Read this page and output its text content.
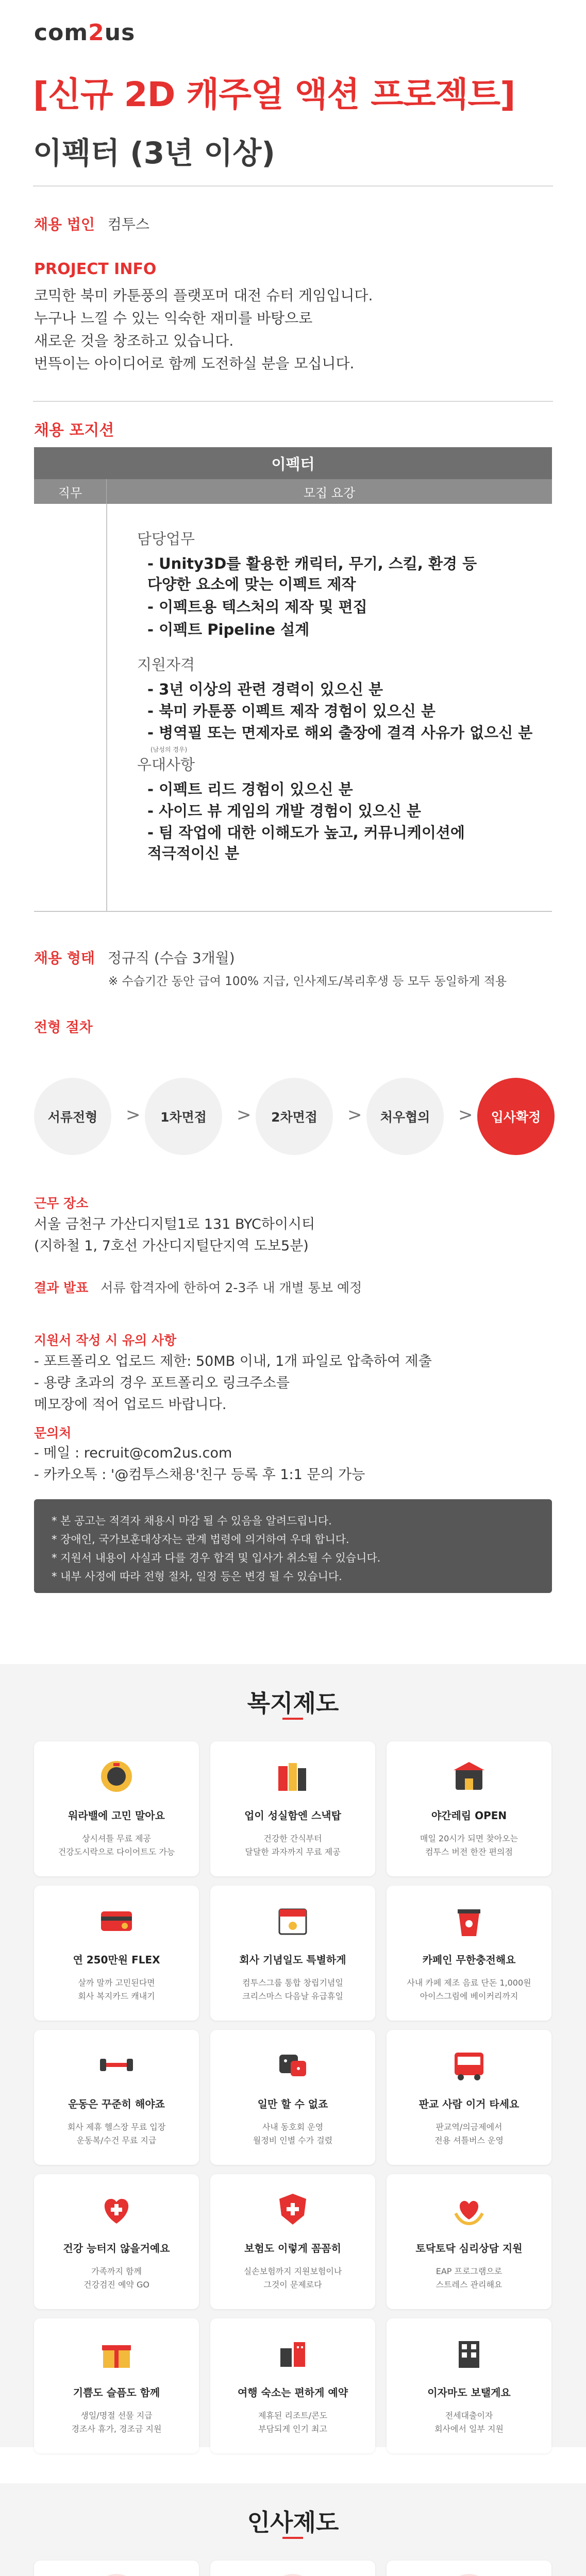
com2us
[신규 2D 캐주얼 액션 프로젝트]
이펙터 (3년 이상)
채용 법인 컴투스
PROJECT INFO
코믹한 북미 카툰풍의 플랫포머 대전 슈터 게임입니다.
누구나 느낄 수 있는 익숙한 재미를 바탕으로
새로운 것을 창조하고 있습니다.
번뜩이는 아이디어로 함께 도전하실 분을 모십니다.
채용 포지션
이펙터
직무	모집 요강
담당업무
- Unity3D를 활용한 캐릭터, 무기, 스킬, 환경 등
다양한 요소에 맞는 이펙트 제작
- 이펙트용 텍스처의 제작 및 편집
- 이펙트 Pipeline 설계
지원자격
- 3년 이상의 관련 경력이 있으신 분
- 북미 카툰풍 이펙트 제작 경험이 있으신 분
- 병역필 또는 면제자로 해외 출장에 결격 사유가 없으신 분
(남성의 경우)
우대사항
- 이펙트 리드 경험이 있으신 분
- 사이드 뷰 게임의 개발 경험이 있으신 분
- 팀 작업에 대한 이해도가 높고, 커뮤니케이션에
적극적이신 분
채용 형태 정규직 (수습 3개월)
※ 수습기간 동안 급여 100% 지급, 인사제도/복리후생 등 모두 동일하게 적용
전형 절차
서류전형	>	1차면접	>	2차면접	>	처우협의	>	입사확정
근무 장소
서울 금천구 가산디지털1로 131 BYC하이시티
(지하철 1, 7호선 가산디지털단지역 도보5분)
결과 발표 서류 합격자에 한하여 2-3주 내 개별 통보 예정
지원서 작성 시 유의 사항
- 포트폴리오 업로드 제한: 50MB 이내, 1개 파일로 압축하여 제출
- 용량 초과의 경우 포트폴리오 링크주소를
메모장에 적어 업로드 바랍니다.
문의처
- 메일 : recruit@com2us.com
- 카카오톡 : '@컴투스채용'친구 등록 후 1:1 문의 가능
* 본 공고는 적격자 채용시 마감 될 수 있음을 알려드립니다.
* 장애인, 국가보훈대상자는 관계 법령에 의거하여 우대 합니다.
* 지원서 내용이 사실과 다를 경우 합격 및 입사가 취소될 수 있습니다.
* 내부 사정에 따라 전형 절차, 일정 등은 변경 될 수 있습니다.
복지제도
워라밸에 고민 말아요
상시셔틀 무료 제공
건강도시락으로 다이어트도 가능
업이 성실함엔 스낵탑
건강한 간식부터
달달한 과자까지 무료 제공
야간레림 OPEN
매일 20시가 되면 찾아오는
컴투스 버전 한잔 편의점
연 250만원 FLEX
살까 말까 고민된다면
회사 복지카드 캐내기
회사 기념일도 특별하게
컴투스그룹 통합 창립기념일
크리스마스 다음날 유급휴일
카페인 무한충전해요
사내 카페 제조 음료 단돈 1,000원
아이스그림에 베이커리까지
운동은 꾸준히 해야죠
회사 제휴 헬스장 무료 입장
운동복/수건 무료 지급
일만 할 수 없죠
사내 동호회 운영
월정비 인별 수가 걸렸
판교 사람 이거 타세요
판교역/의금제에서
전용 셔틀버스 운영
건강 능터지 않을거예요
가족까지 함께
건강검진 예약 GO
보험도 이렇게 꼼꼼히
실손보험까지 지원보험이나
그것이 문제로다
토닥토닥 심리상담 지원
EAP 프로그램으로
스트레스 관리해요
기쁨도 슬픔도 함께
생일/명절 선물 지급
경조사 휴가, 경조금 지원
여행 숙소는 편하게 예약
제휴된 리조트/콘도
부담되게 인기 최고
이자마도 보탤게요
전세대출이자
회사에서 일부 지원
인사제도
